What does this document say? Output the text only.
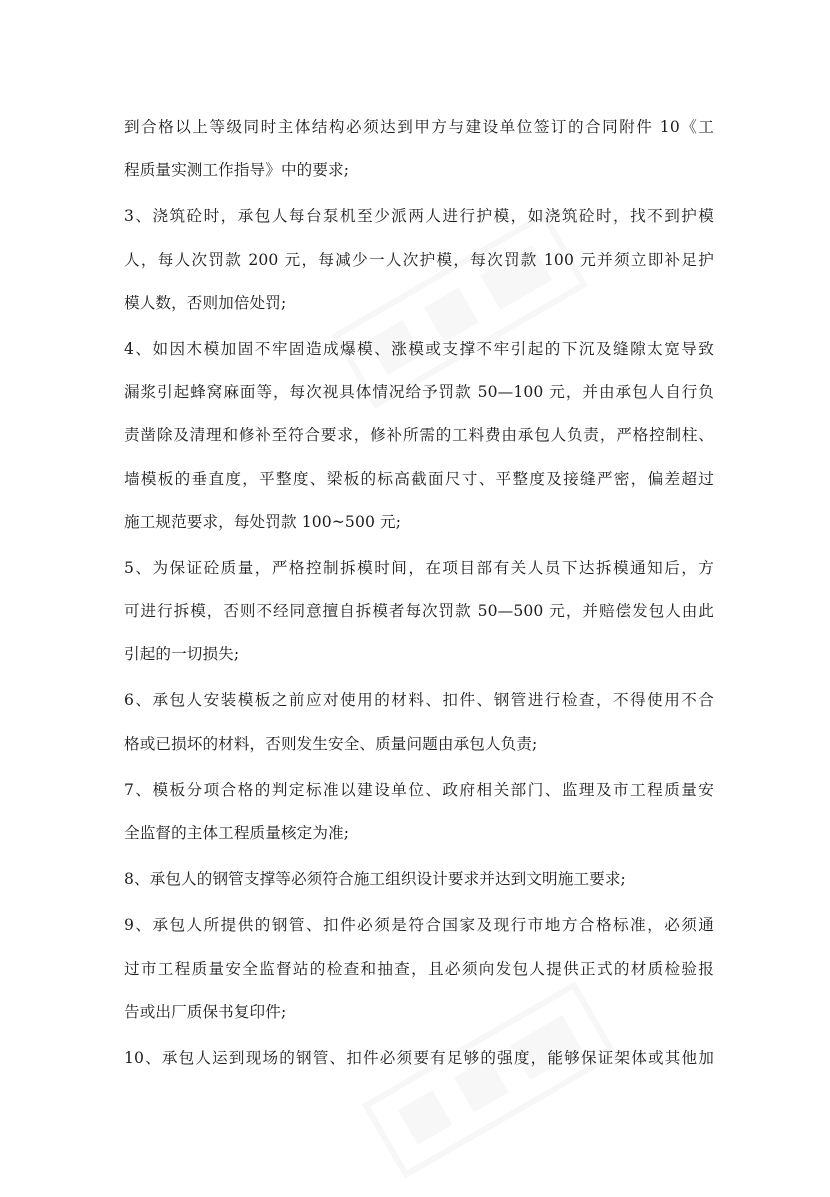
到合格以上等级同时主体结构必须达到甲方与建设单位签订的合同附件 10《工
程质量实测工作指导》中的要求;
3、浇筑砼时，承包人每台泵机至少派两人进行护模，如浇筑砼时，找不到护模
人，每人次罚款 200 元，每减少一人次护模，每次罚款 100 元并须立即补足护
模人数，否则加倍处罚;
4、如因木模加固不牢固造成爆模、涨模或支撑不牢引起的下沉及缝隙太宽导致
漏浆引起蜂窝麻面等，每次视具体情况给予罚款 50—100 元，并由承包人自行负
责凿除及清理和修补至符合要求，修补所需的工料费由承包人负责，严格控制柱、
墙模板的垂直度，平整度、梁板的标高截面尺寸、平整度及接缝严密，偏差超过
施工规范要求，每处罚款 100~500 元;
5、为保证砼质量，严格控制拆模时间，在项目部有关人员下达拆模通知后，方
可进行拆模，否则不经同意擅自拆模者每次罚款 50—500 元，并赔偿发包人由此
引起的一切损失;
6、承包人安装模板之前应对使用的材料、扣件、钢管进行检查，不得使用不合
格或已损坏的材料，否则发生安全、质量问题由承包人负责;
7、模板分项合格的判定标准以建设单位、政府相关部门、监理及市工程质量安
全监督的主体工程质量核定为准;
8、承包人的钢管支撑等必须符合施工组织设计要求并达到文明施工要求;
9、承包人所提供的钢管、扣件必须是符合国家及现行市地方合格标准，必须通
过市工程质量安全监督站的检查和抽查，且必须向发包人提供正式的材质检验报
告或出厂质保书复印件;
10、承包人运到现场的钢管、扣件必须要有足够的强度，能够保证架体或其他加
